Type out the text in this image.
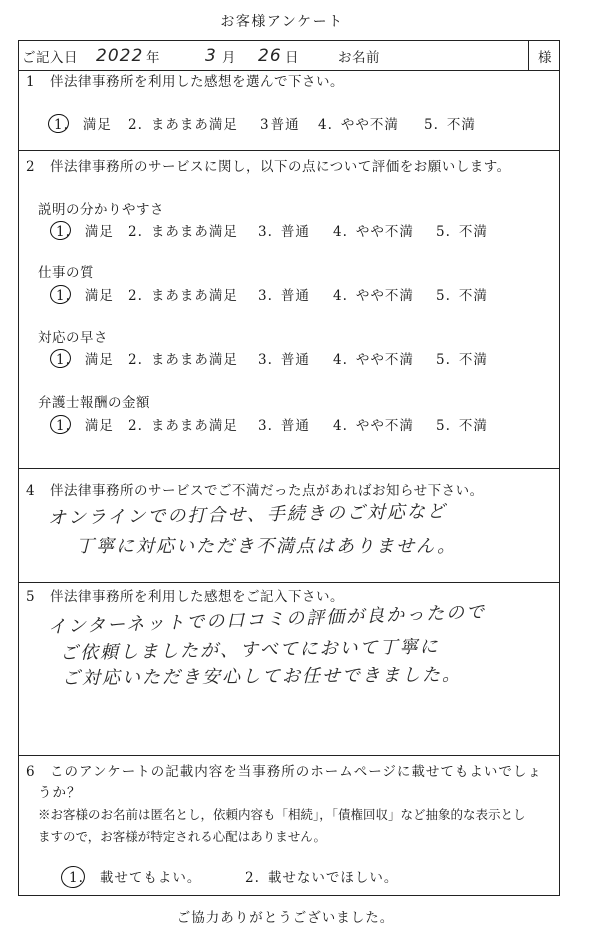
お客様アンケート
ご記入日 2022 年	3 月 26 日	お名前	様
1 伴法律事務所を利用した感想を選んで下さい。
1. 満足 2. まあまあ満足 3普通 4. やや不満 5. 不満
2 伴法律事務所のサービスに関し，以下の点について評価をお願いします。
説明の分かりやすさ
1. 満足 2. まあまあ満足 3. 普通 4. やや不満 5. 不満
仕事の質
1. 満足 2. まあまあ満足 3. 普通 4. やや不満 5. 不満
対応の早さ
1. 満足 2. まあまあ満足 3. 普通 4. やや不満 5. 不満
弁護士報酬の金額
1. 満足 2. まあまあ満足 3. 普通 4. やや不満 5. 不満
4 伴法律事務所のサービスでご不満だった点があればお知らせ下さい。
オンラインでの打合せ、手続きのご対応など
丁寧に対応いただき不満点はありません。
5 伴法律事務所を利用した感想をご記入下さい。
インターネットでの口コミの評価が良かったので
ご依頼しましたが、すべてにおいて丁寧に
ご対応いただき安心してお任せできました。
6 このアンケートの記載内容を当事務所のホームページに載せてもよいでしょ
うか？
※お客様のお名前は匿名とし，依頼内容も「相続」，「債権回収」など抽象的な表示とし
ますので，お客様が特定される心配はありません。
1. 載せてもよい。	2. 載せないでほしい。
ご協力ありがとうございました。
